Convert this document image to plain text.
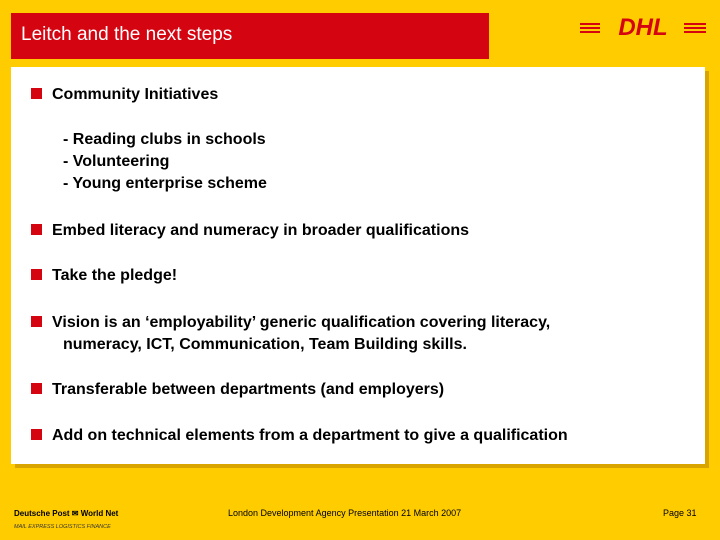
Leitch and the next steps	DHL
Community Initiatives
- Reading clubs in schools
- Volunteering
- Young enterprise scheme
Embed literacy and numeracy in broader qualifications
Take the pledge!
Vision is an ‘employability’ generic qualification covering literacy,
numeracy, ICT, Communication, Team Building skills.
Transferable between departments (and employers)
Add on technical elements from a department to give a qualification
Deutsche Post ✉ World Net
MAIL EXPRESS LOGISTICS FINANCE
London Development Agency Presentation 21 March 2007	Page 31
